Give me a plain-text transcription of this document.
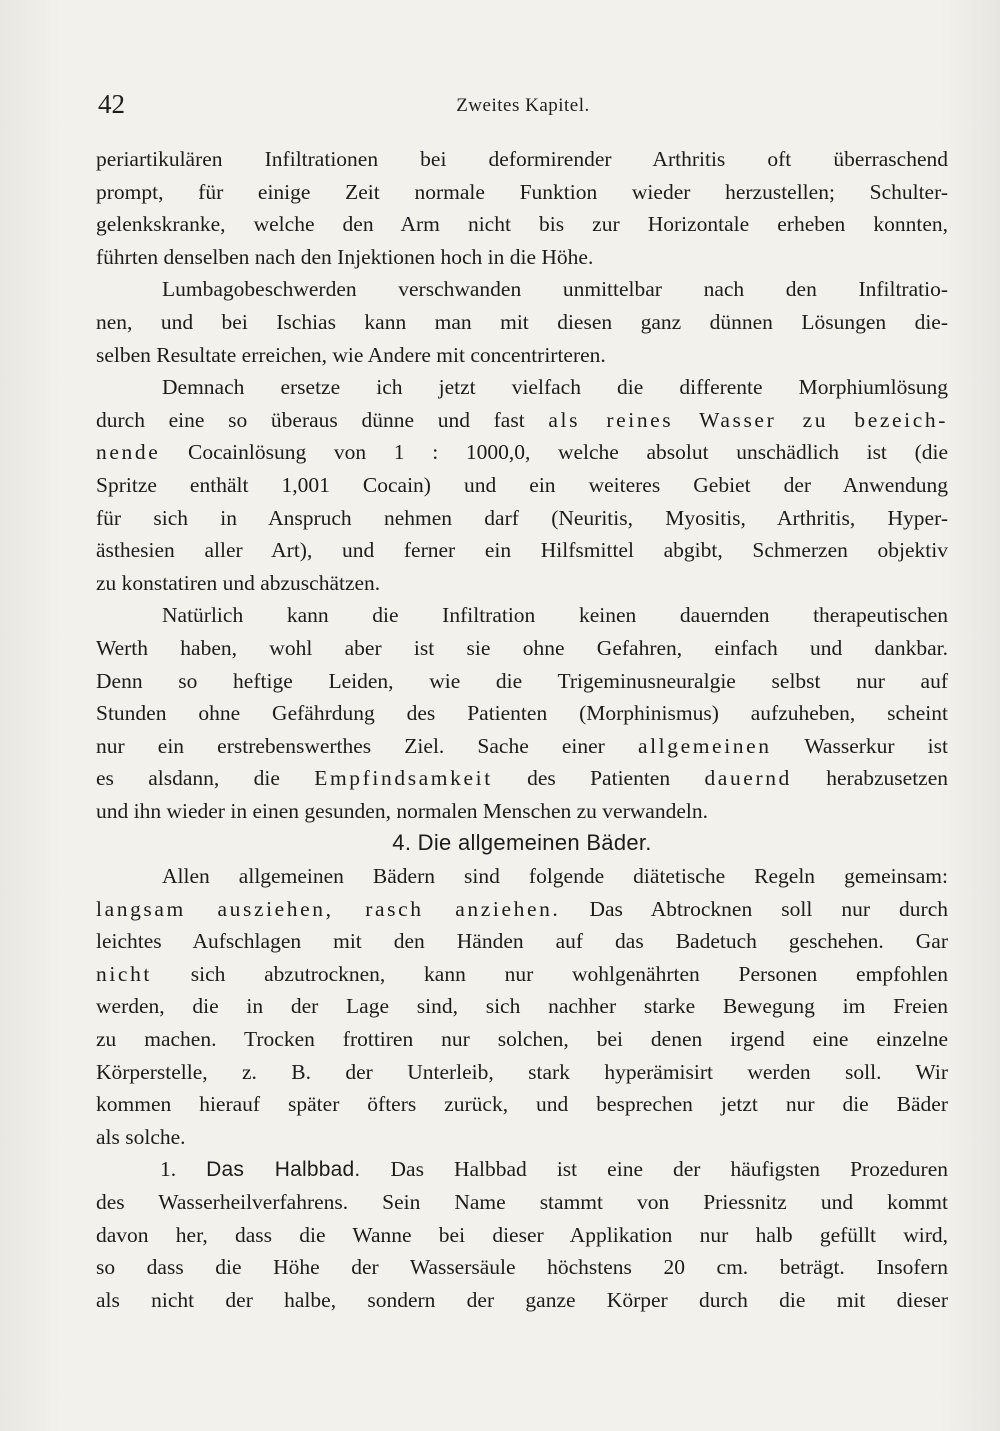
42	Zweites Kapitel.
periartikulären Infiltrationen bei deformirender Arthritis oft überraschend
prompt, für einige Zeit normale Funktion wieder herzustellen; Schulter-
gelenkskranke, welche den Arm nicht bis zur Horizontale erheben konnten,
führten denselben nach den Injektionen hoch in die Höhe.
Lumbagobeschwerden verschwanden unmittelbar nach den Infiltratio-
nen, und bei Ischias kann man mit diesen ganz dünnen Lösungen die-
selben Resultate erreichen, wie Andere mit concentrirteren.
Demnach ersetze ich jetzt vielfach die differente Morphiumlösung
durch eine so überaus dünne und fast als reines Wasser zu bezeich-
nende Cocainlösung von 1 : 1000,0, welche absolut unschädlich ist (die
Spritze enthält 1,001 Cocain) und ein weiteres Gebiet der Anwendung
für sich in Anspruch nehmen darf (Neuritis, Myositis, Arthritis, Hyper-
ästhesien aller Art), und ferner ein Hilfsmittel abgibt, Schmerzen objektiv
zu konstatiren und abzuschätzen.
Natürlich kann die Infiltration keinen dauernden therapeutischen
Werth haben, wohl aber ist sie ohne Gefahren, einfach und dankbar.
Denn so heftige Leiden, wie die Trigeminusneuralgie selbst nur auf
Stunden ohne Gefährdung des Patienten (Morphinismus) aufzuheben, scheint
nur ein erstrebenswerthes Ziel. Sache einer allgemeinen Wasserkur ist
es alsdann, die Empfindsamkeit des Patienten dauernd herabzusetzen
und ihn wieder in einen gesunden, normalen Menschen zu verwandeln.
4. Die allgemeinen Bäder.
Allen allgemeinen Bädern sind folgende diätetische Regeln gemeinsam:
langsam ausziehen, rasch anziehen. Das Abtrocknen soll nur durch
leichtes Aufschlagen mit den Händen auf das Badetuch geschehen. Gar
nicht sich abzutrocknen, kann nur wohlgenährten Personen empfohlen
werden, die in der Lage sind, sich nachher starke Bewegung im Freien
zu machen. Trocken frottiren nur solchen, bei denen irgend eine einzelne
Körperstelle, z. B. der Unterleib, stark hyperämisirt werden soll. Wir
kommen hierauf später öfters zurück, und besprechen jetzt nur die Bäder
als solche.
1. Das Halbbad. Das Halbbad ist eine der häufigsten Prozeduren
des Wasserheilverfahrens. Sein Name stammt von Priessnitz und kommt
davon her, dass die Wanne bei dieser Applikation nur halb gefüllt wird,
so dass die Höhe der Wassersäule höchstens 20 cm. beträgt. Insofern
als nicht der halbe, sondern der ganze Körper durch die mit dieser
